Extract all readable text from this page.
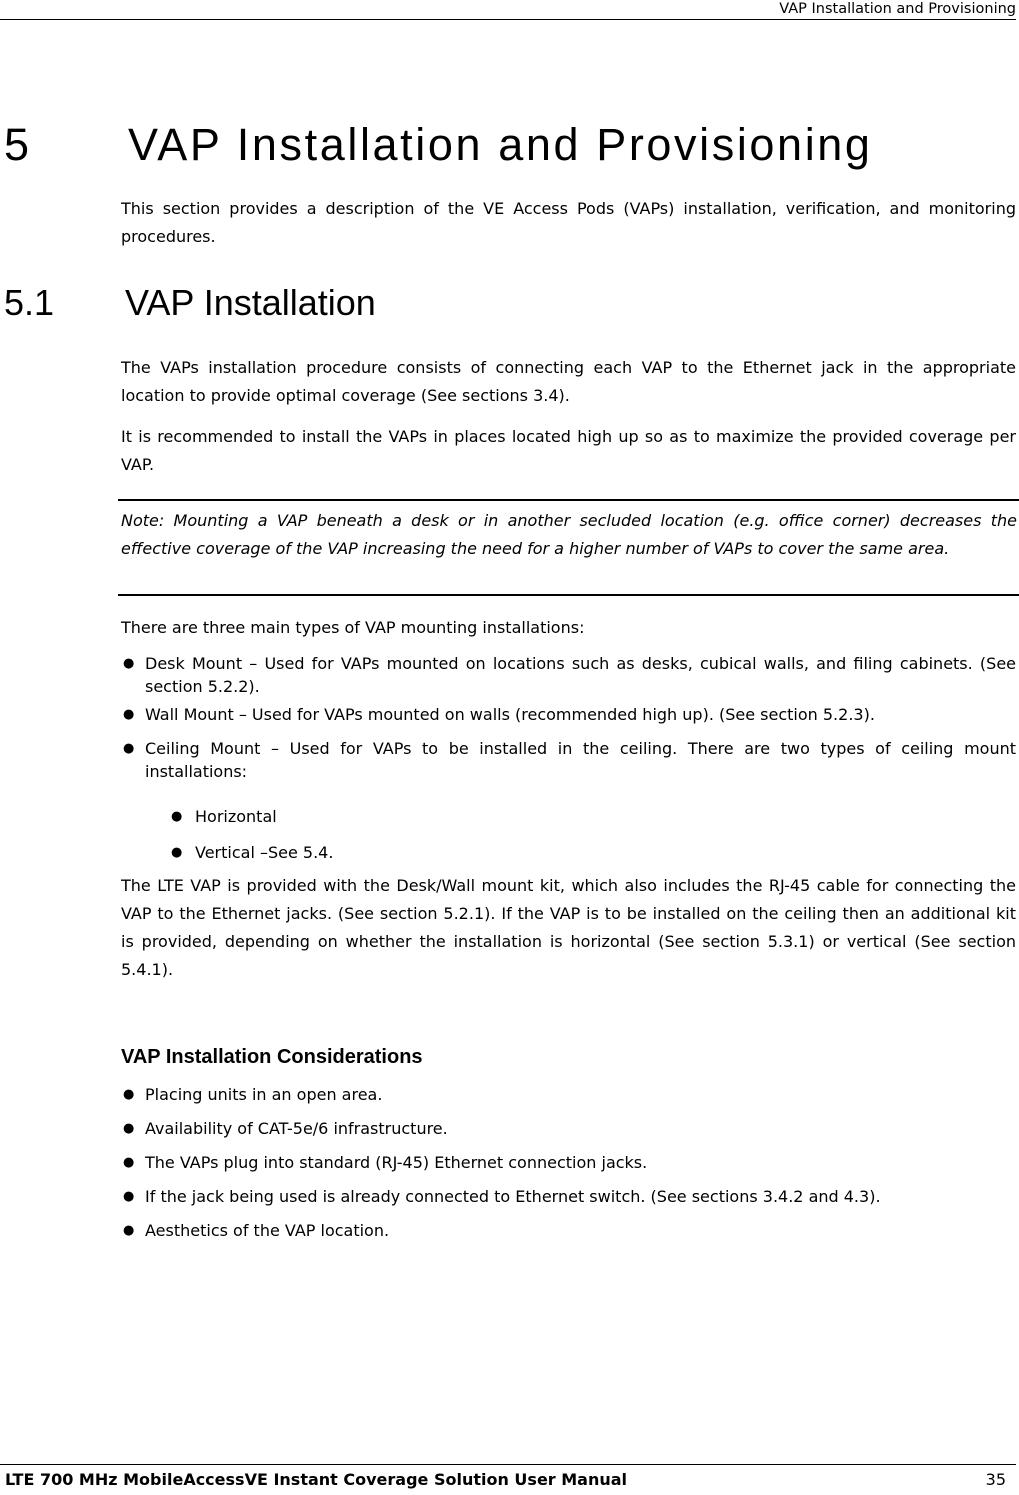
VAP Installation and Provisioning
5 VAP Installation and Provisioning

This section provides a description of the VE Access Pods (VAPs) installation, verification, and monitoring procedures.

5.1 VAP Installation

The VAPs installation procedure consists of connecting each VAP to the Ethernet jack in the appropriate location to provide optimal coverage (See sections 3.4).

It is recommended to install the VAPs in places located high up so as to maximize the provided coverage per VAP.

Note: Mounting a VAP beneath a desk or in another secluded location (e.g. office corner) decreases the effective coverage of the VAP increasing the need for a higher number of VAPs to cover the same area.

There are three main types of VAP mounting installations:

● Desk Mount – Used for VAPs mounted on locations such as desks, cubical walls, and filing cabinets. (See section 5.2.2).
● Wall Mount – Used for VAPs mounted on walls (recommended high up). (See section 5.2.3).
● Ceiling Mount – Used for VAPs to be installed in the ceiling. There are two types of ceiling mount installations:
● Horizontal
● Vertical –See 5.4.

The LTE VAP is provided with the Desk/Wall mount kit, which also includes the RJ-45 cable for connecting the VAP to the Ethernet jacks. (See section 5.2.1). If the VAP is to be installed on the ceiling then an additional kit is provided, depending on whether the installation is horizontal (See section 5.3.1) or vertical (See section 5.4.1).

VAP Installation Considerations
● Placing units in an open area.
● Availability of CAT-5e/6 infrastructure.
● The VAPs plug into standard (RJ-45) Ethernet connection jacks.
● If the jack being used is already connected to Ethernet switch. (See sections 3.4.2 and 4.3).
● Aesthetics of the VAP location.
LTE 700 MHz MobileAccessVE Instant Coverage Solution User Manual	35
